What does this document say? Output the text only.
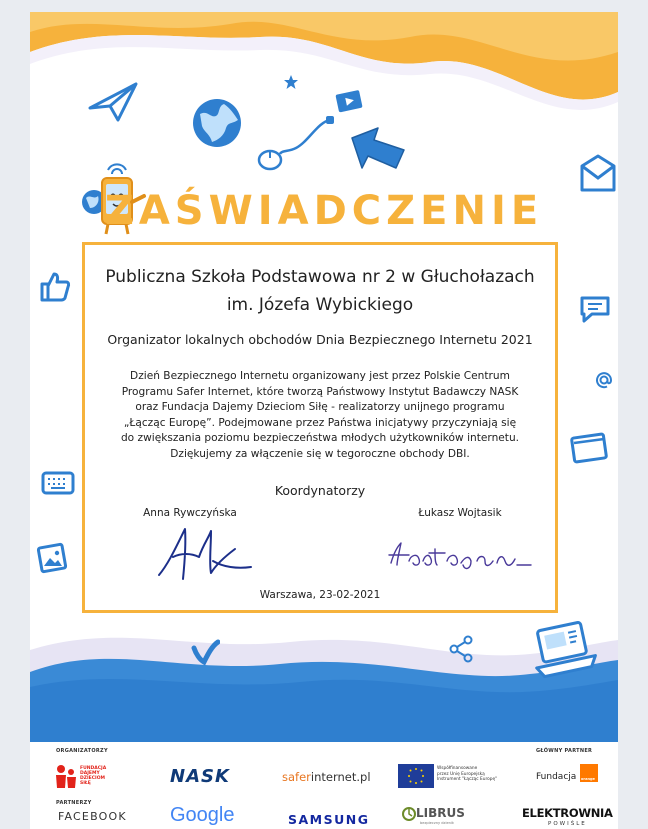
ZAŚWIADCZENIE
Publiczna Szkoła Podstawowa nr 2 w Głuchołazach
im. Józefa Wybickiego
Organizator lokalnych obchodów Dnia Bezpiecznego Internetu 2021
Dzień Bezpiecznego Internetu organizowany jest przez Polskie Centrum
Programu Safer Internet, które tworzą Państwowy Instytut Badawczy NASK
oraz Fundacja Dajemy Dzieciom Siłę - realizatorzy unijnego programu
„Łącząc Europę”. Podejmowane przez Państwa inicjatywy przyczyniają się
do zwiększania poziomu bezpieczeństwa młodych użytkowników internetu.
Dziękujemy za włączenie się w tegoroczne obchody DBI.
Koordynatorzy
Anna Rywczyńska	Łukasz Wojtasik
Warszawa, 23-02-2021
ORGANIZATORZY
PARTNERZY
GŁÓWNY PARTNER
FUNDACJA
DAJEMY
DZIECIOM
SIŁĘ	NASK	saferinternet.pl
Współfinansowane
przez Unię Europejską
Instrument "Łącząc Europę"	Fundacja orange
FACEBOOK Google	SAMSUNG	LIBRUS
bezpieczny dzienik
ELEKTROWNIA
POWIŚLE
